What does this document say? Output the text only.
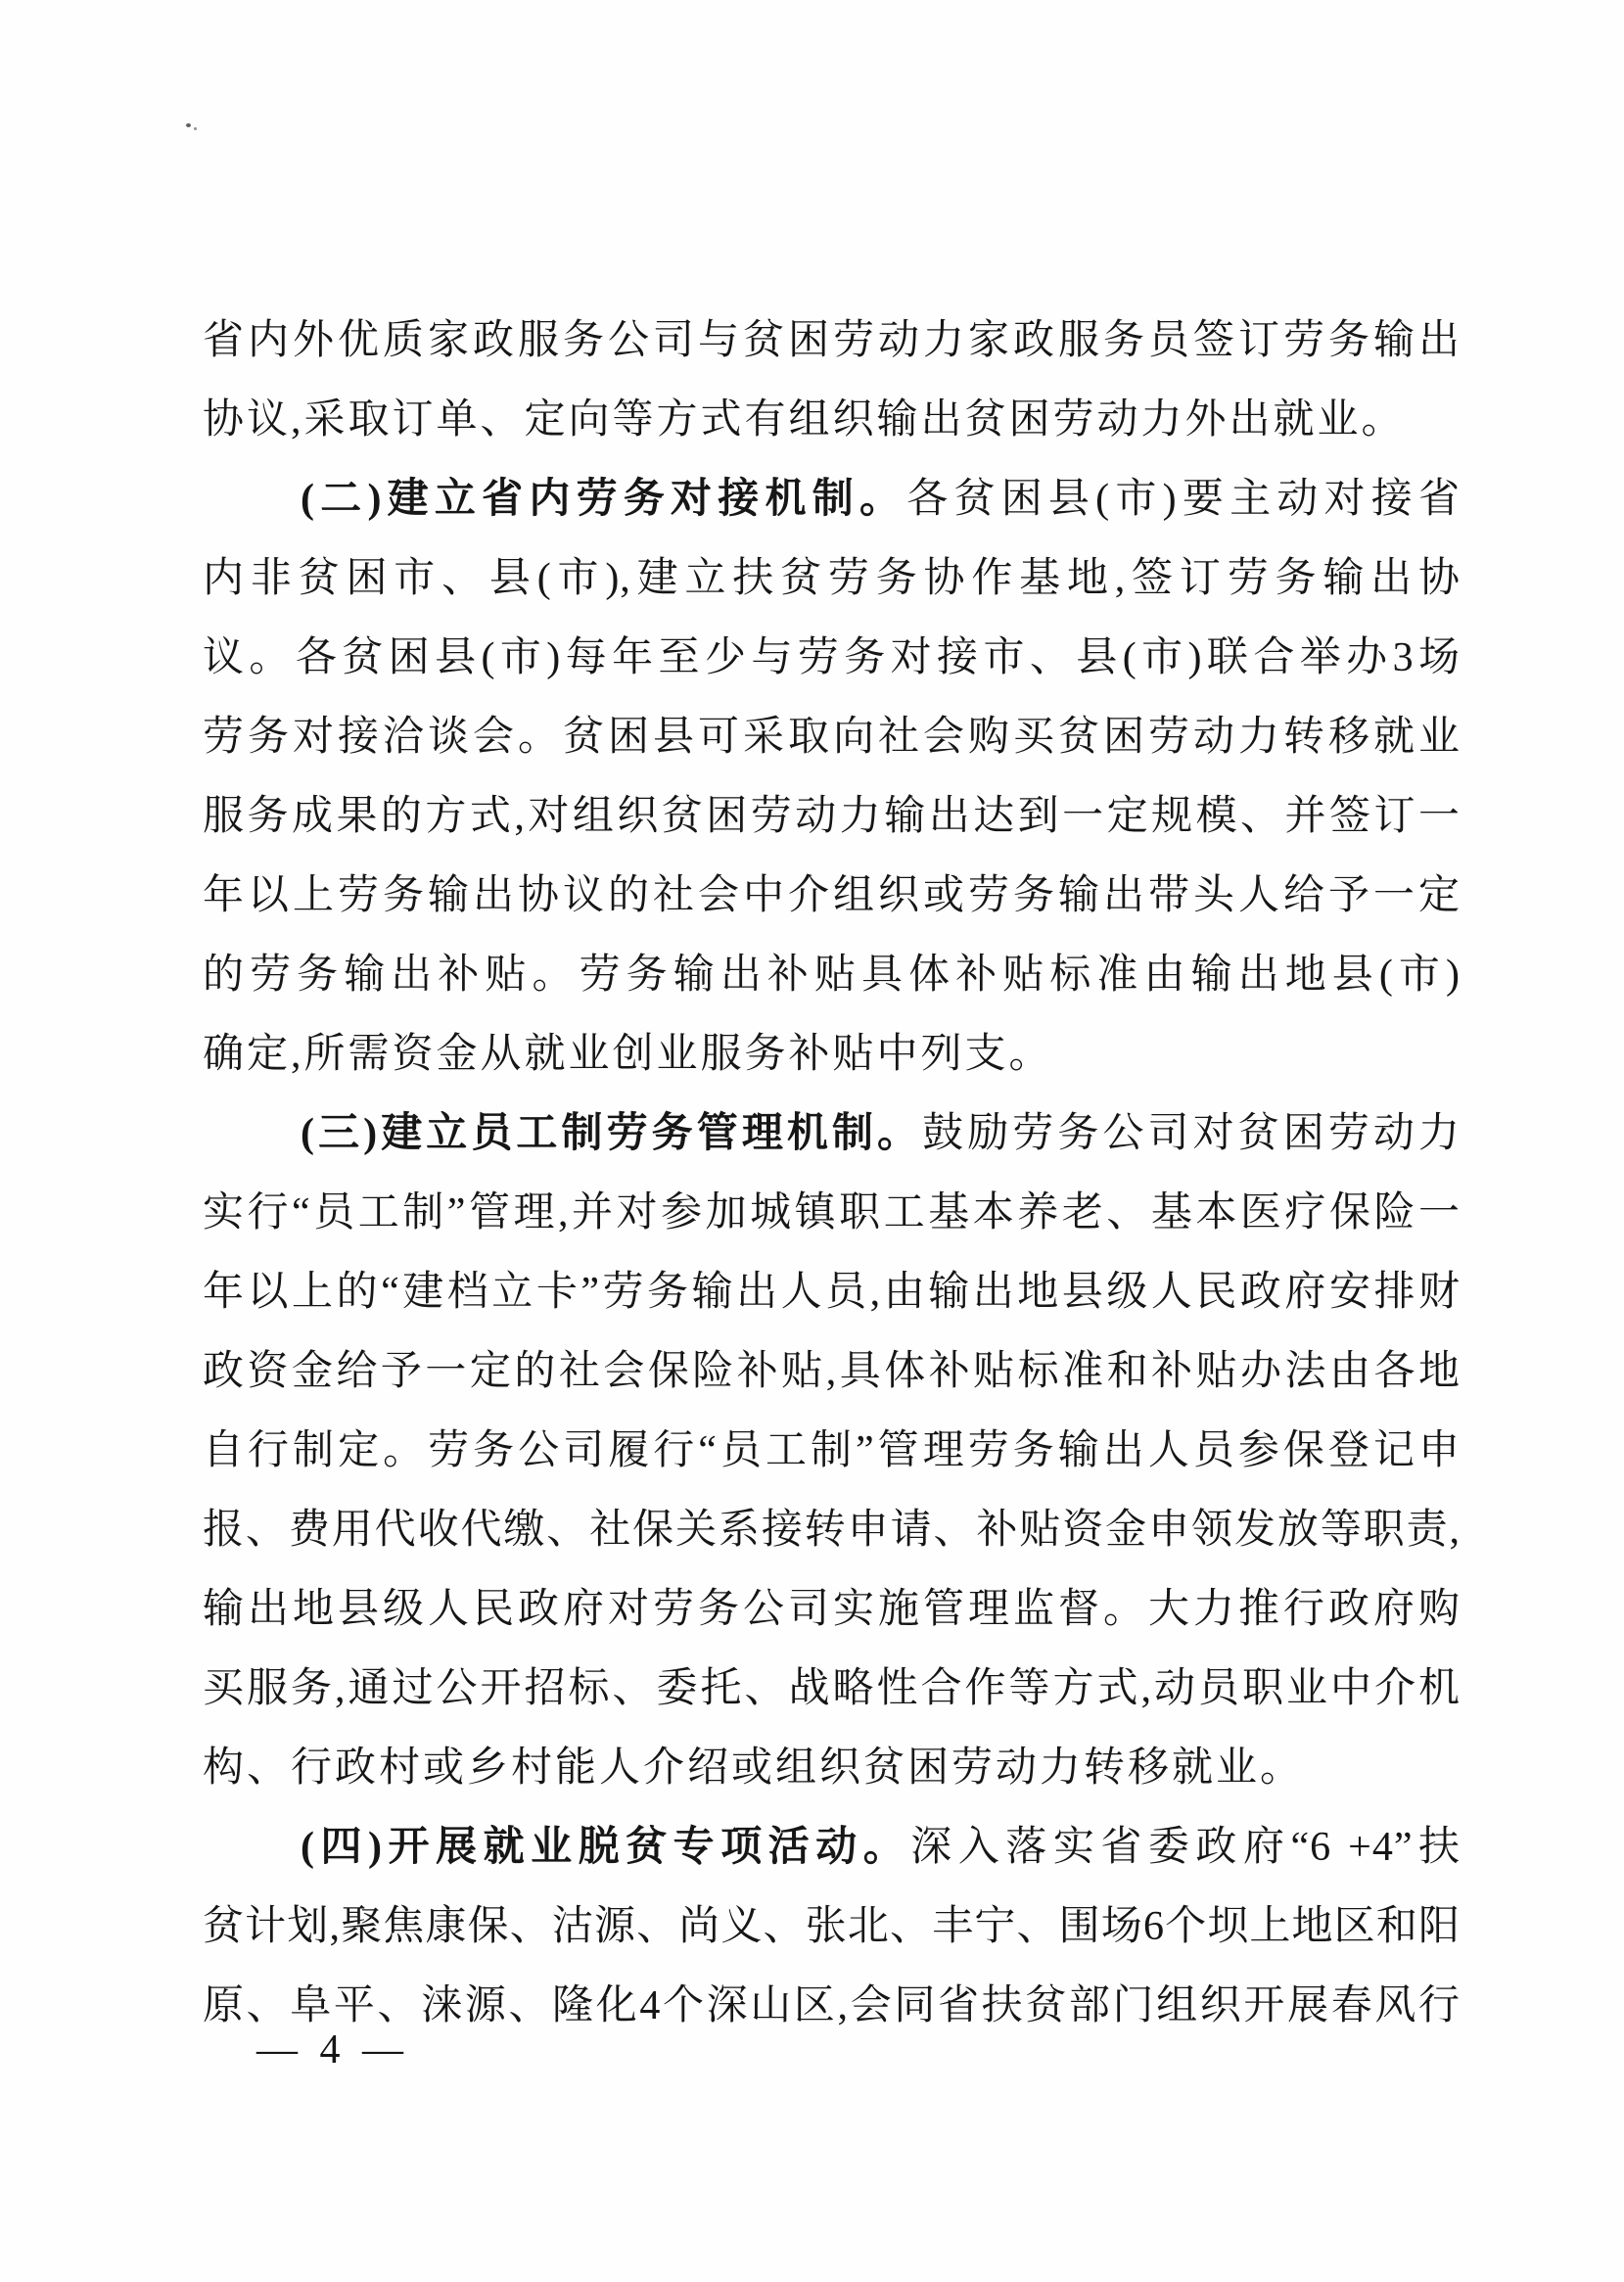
省内外优质家政服务公司与贫困劳动力家政服务员签订劳务输出

协议,采取订单、定向等方式有组织输出贫困劳动力外出就业。

(二)建立省内劳务对接机制。各贫困县(市)要主动对接省

内非贫困市、县(市),建立扶贫劳务协作基地,签订劳务输出协

议。各贫困县(市)每年至少与劳务对接市、县(市)联合举办3场

劳务对接洽谈会。贫困县可采取向社会购买贫困劳动力转移就业

服务成果的方式,对组织贫困劳动力输出达到一定规模、并签订一

年以上劳务输出协议的社会中介组织或劳务输出带头人给予一定

的劳务输出补贴。劳务输出补贴具体补贴标准由输出地县(市)

确定,所需资金从就业创业服务补贴中列支。

(三)建立员工制劳务管理机制。鼓励劳务公司对贫困劳动力

实行“员工制”管理,并对参加城镇职工基本养老、基本医疗保险一

年以上的“建档立卡”劳务输出人员,由输出地县级人民政府安排财

政资金给予一定的社会保险补贴,具体补贴标准和补贴办法由各地

自行制定。劳务公司履行“员工制”管理劳务输出人员参保登记申

报、费用代收代缴、社保关系接转申请、补贴资金申领发放等职责,

输出地县级人民政府对劳务公司实施管理监督。大力推行政府购

买服务,通过公开招标、委托、战略性合作等方式,动员职业中介机

构、行政村或乡村能人介绍或组织贫困劳动力转移就业。

(四)开展就业脱贫专项活动。深入落实省委政府“6 +4”扶

贫计划,聚焦康保、沽源、尚义、张北、丰宁、围场6个坝上地区和阳

原、阜平、涞源、隆化4个深山区,会同省扶贫部门组织开展春风行

— 4 —
